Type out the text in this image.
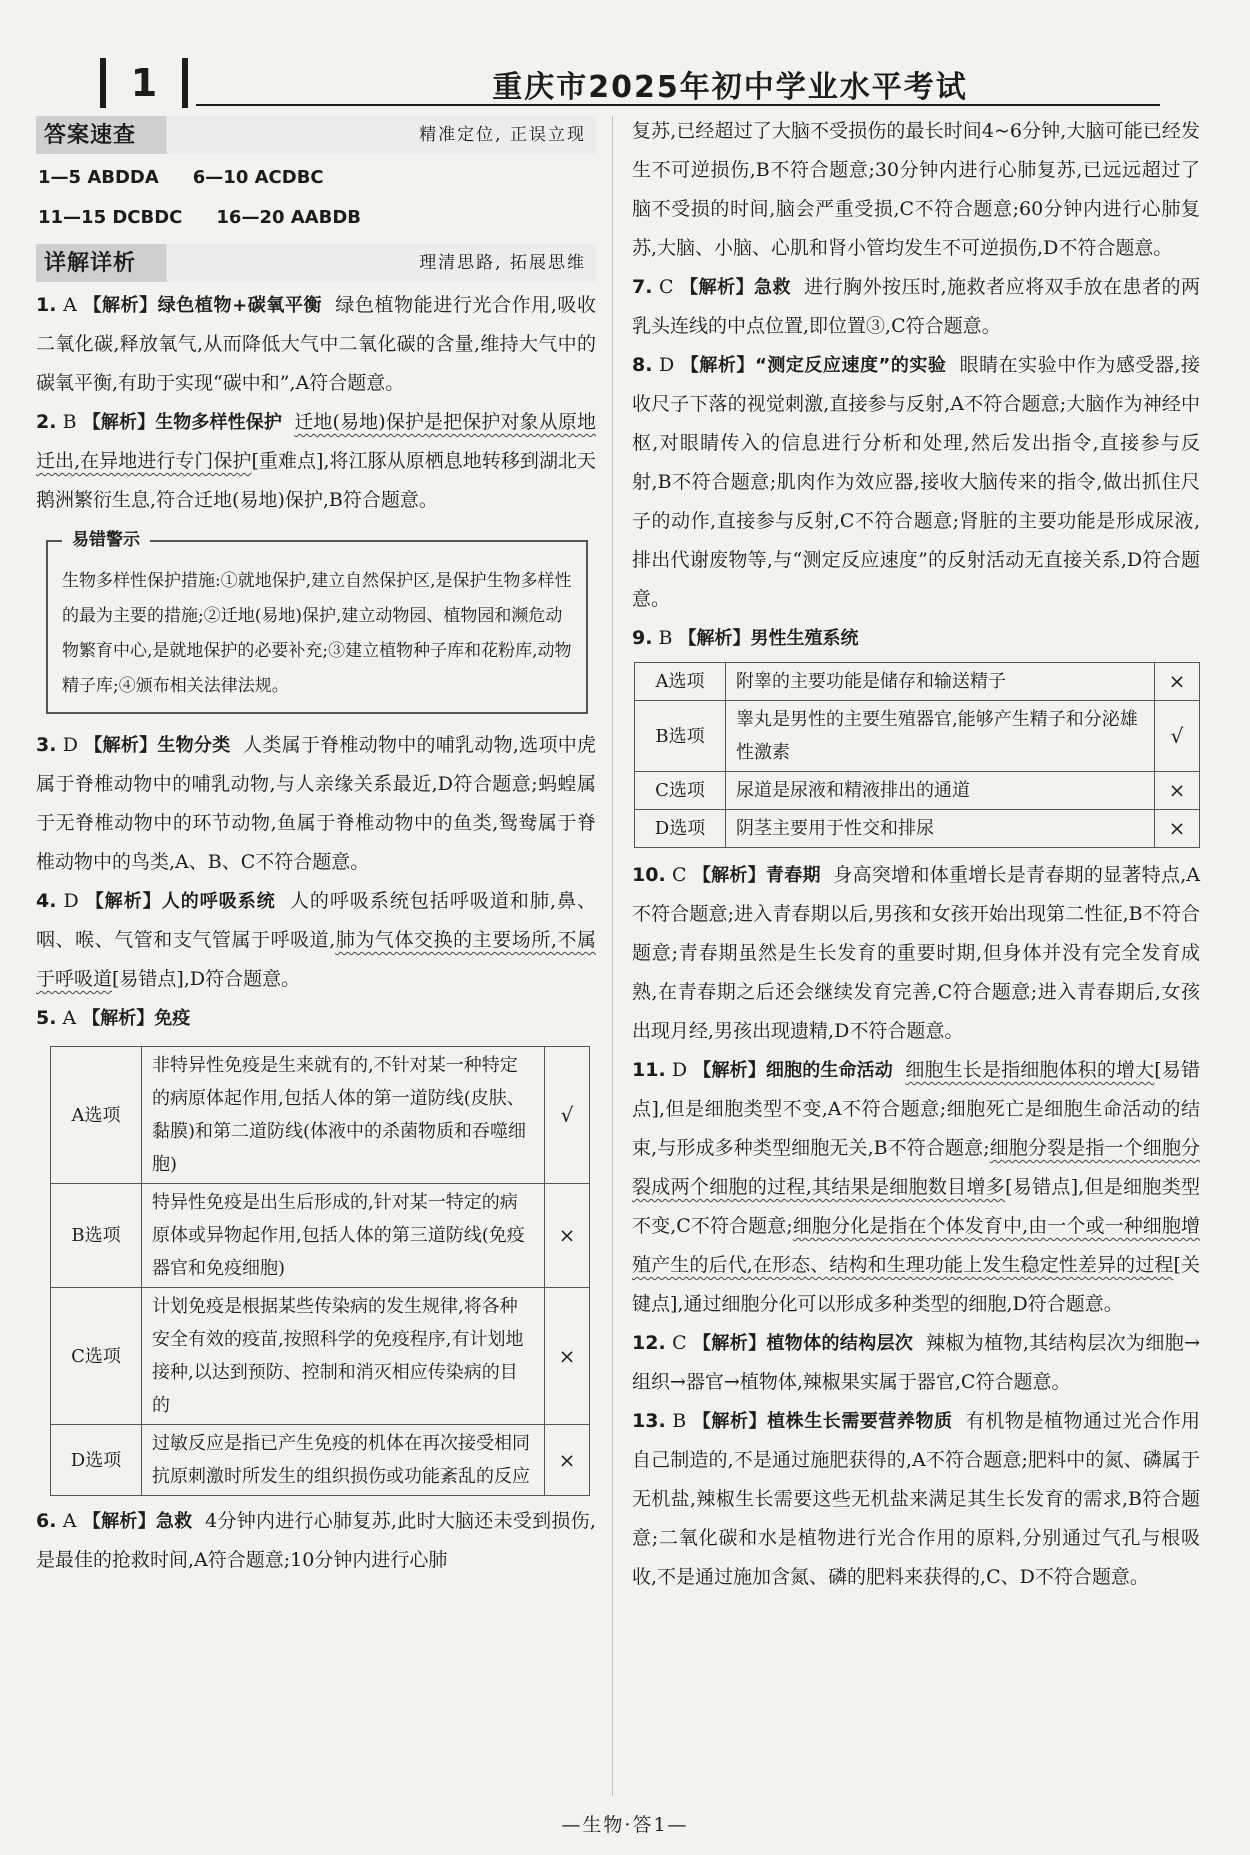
1	重庆市2025年初中学业水平考试
答案速查	精准定位, 正误立现
1—5 ABDDA 6—10 ACDBC
11—15 DCBDC 16—20 AABDB
详解详析	理清思路, 拓展思维

1. A 【解析】绿色植物+碳氧平衡 绿色植物能进行光合作用,吸收二氧化碳,释放氧气,从而降低大气中二氧化碳的含量,维持大气中的碳氧平衡,有助于实现“碳中和”,A符合题意。

2. B 【解析】生物多样性保护 迁地(易地)保护是把保护对象从原地迁出,在异地进行专门保护[重难点],将江豚从原栖息地转移到湖北天鹅洲繁衍生息,符合迁地(易地)保护,B符合题意。

易错警示
生物多样性保护措施:①就地保护,建立自然保护区,是保护生物多样性的最为主要的措施;②迁地(易地)保护,建立动物园、植物园和濒危动物繁育中心,是就地保护的必要补充;③建立植物种子库和花粉库,动物精子库;④颁布相关法律法规。

3. D 【解析】生物分类 人类属于脊椎动物中的哺乳动物,选项中虎属于脊椎动物中的哺乳动物,与人亲缘关系最近,D符合题意;蚂蝗属于无脊椎动物中的环节动物,鱼属于脊椎动物中的鱼类,鸳鸯属于脊椎动物中的鸟类,A、B、C不符合题意。

4. D 【解析】人的呼吸系统 人的呼吸系统包括呼吸道和肺,鼻、咽、喉、气管和支气管属于呼吸道,肺为气体交换的主要场所,不属于呼吸道[易错点],D符合题意。

5. A 【解析】免疫

A选项	非特异性免疫是生来就有的,不针对某一种特定的病原体起作用,包括人体的第一道防线(皮肤、黏膜)和第二道防线(体液中的杀菌物质和吞噬细胞)	√
B选项	特异性免疫是出生后形成的,针对某一特定的病原体或异物起作用,包括人体的第三道防线(免疫器官和免疫细胞)	×
C选项	计划免疫是根据某些传染病的发生规律,将各种安全有效的疫苗,按照科学的免疫程序,有计划地接种,以达到预防、控制和消灭相应传染病的目的	×
D选项	过敏反应是指已产生免疫的机体在再次接受相同抗原刺激时所发生的组织损伤或功能紊乱的反应	×

6. A 【解析】急救 4分钟内进行心肺复苏,此时大脑还未受到损伤,是最佳的抢救时间,A符合题意;10分钟内进行心肺

复苏,已经超过了大脑不受损伤的最长时间4~6分钟,大脑可能已经发生不可逆损伤,B不符合题意;30分钟内进行心肺复苏,已远远超过了脑不受损的时间,脑会严重受损,C不符合题意;60分钟内进行心肺复苏,大脑、小脑、心肌和肾小管均发生不可逆损伤,D不符合题意。

7. C 【解析】急救 进行胸外按压时,施救者应将双手放在患者的两乳头连线的中点位置,即位置③,C符合题意。

8. D 【解析】“测定反应速度”的实验 眼睛在实验中作为感受器,接收尺子下落的视觉刺激,直接参与反射,A不符合题意;大脑作为神经中枢,对眼睛传入的信息进行分析和处理,然后发出指令,直接参与反射,B不符合题意;肌肉作为效应器,接收大脑传来的指令,做出抓住尺子的动作,直接参与反射,C不符合题意;肾脏的主要功能是形成尿液,排出代谢废物等,与“测定反应速度”的反射活动无直接关系,D符合题意。

9. B 【解析】男性生殖系统

A选项	附睾的主要功能是储存和输送精子	×
B选项	睾丸是男性的主要生殖器官,能够产生精子和分泌雄性激素	√
C选项	尿道是尿液和精液排出的通道	×
D选项	阴茎主要用于性交和排尿	×

10. C 【解析】青春期 身高突增和体重增长是青春期的显著特点,A不符合题意;进入青春期以后,男孩和女孩开始出现第二性征,B不符合题意;青春期虽然是生长发育的重要时期,但身体并没有完全发育成熟,在青春期之后还会继续发育完善,C符合题意;进入青春期后,女孩出现月经,男孩出现遗精,D不符合题意。

11. D 【解析】细胞的生命活动 细胞生长是指细胞体积的增大[易错点],但是细胞类型不变,A不符合题意;细胞死亡是细胞生命活动的结束,与形成多种类型细胞无关,B不符合题意;细胞分裂是指一个细胞分裂成两个细胞的过程,其结果是细胞数目增多[易错点],但是细胞类型不变,C不符合题意;细胞分化是指在个体发育中,由一个或一种细胞增殖产生的后代,在形态、结构和生理功能上发生稳定性差异的过程[关键点],通过细胞分化可以形成多种类型的细胞,D符合题意。

12. C 【解析】植物体的结构层次 辣椒为植物,其结构层次为细胞→组织→器官→植物体,辣椒果实属于器官,C符合题意。

13. B 【解析】植株生长需要营养物质 有机物是植物通过光合作用自己制造的,不是通过施肥获得的,A不符合题意;肥料中的氮、磷属于无机盐,辣椒生长需要这些无机盐来满足其生长发育的需求,B符合题意;二氧化碳和水是植物进行光合作用的原料,分别通过气孔与根吸收,不是通过施加含氮、磷的肥料来获得的,C、D不符合题意。

—生物·答1—
